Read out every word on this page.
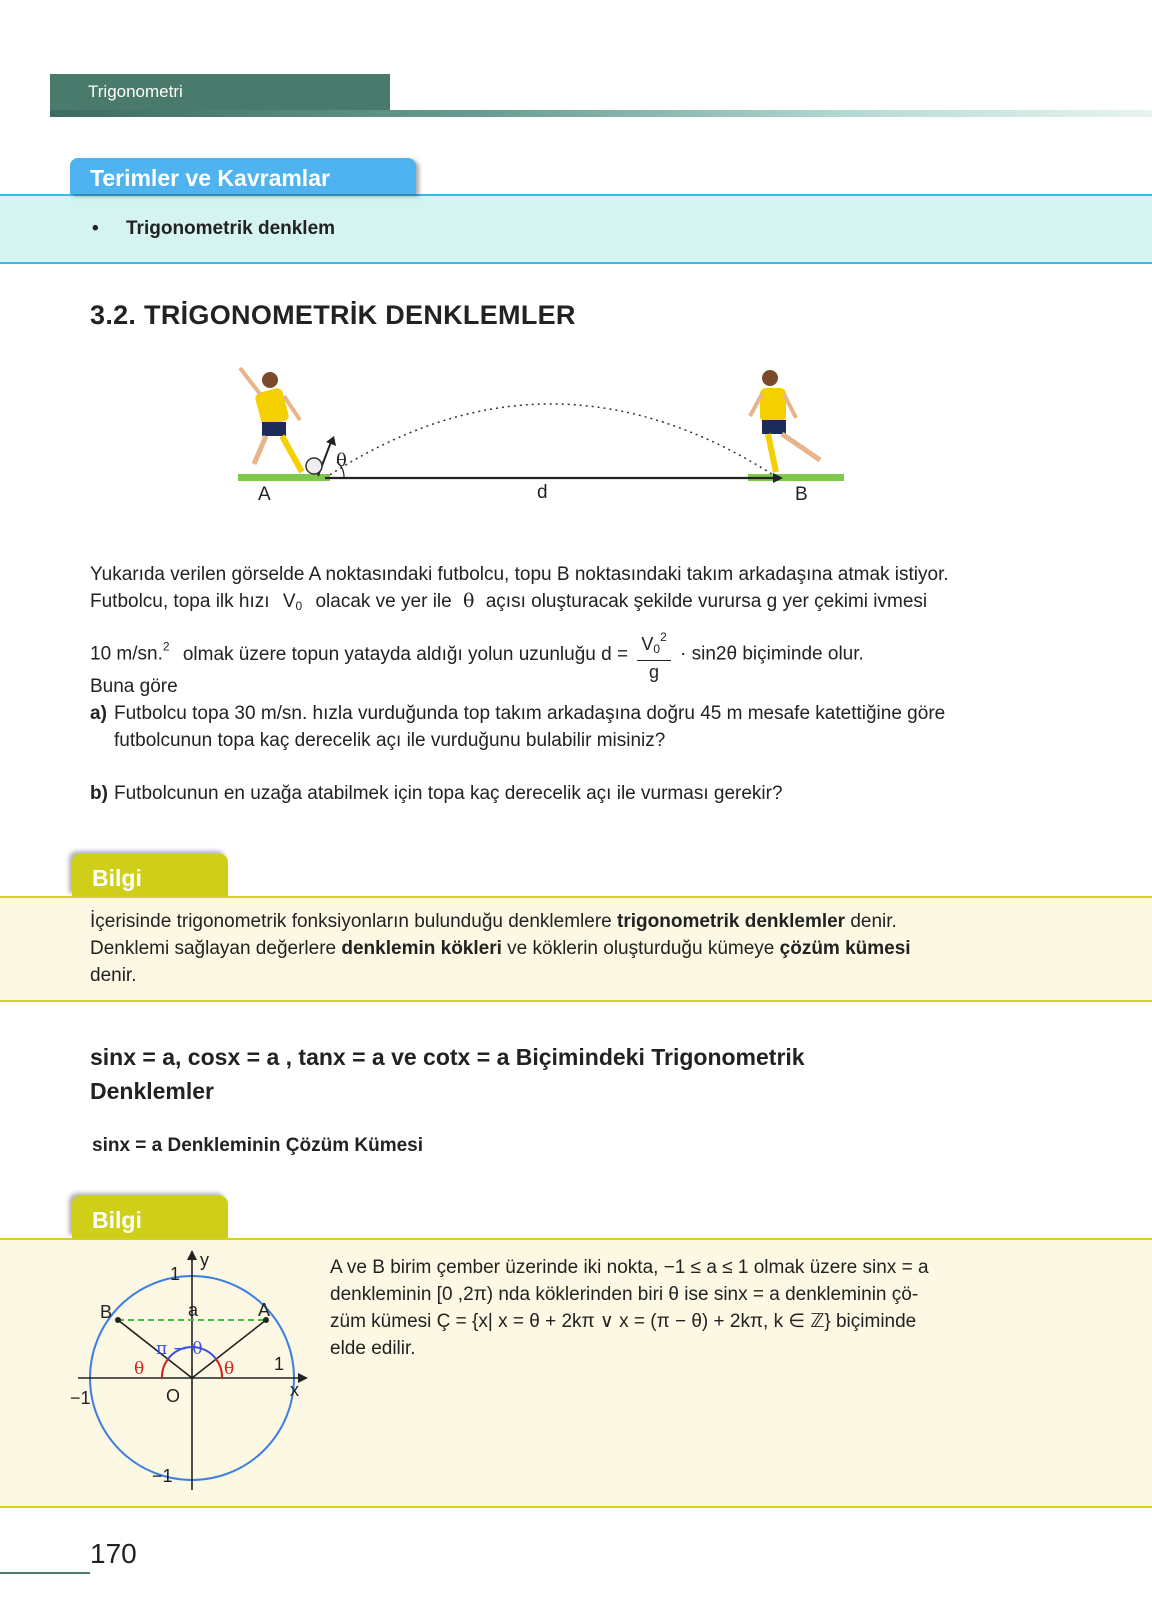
Trigonometri
Terimler ve Kavramlar
• Trigonometrik denklem
3.2. TRİGONOMETRİK DENKLEMLER
θ
A	d	B
Yukarıda verilen görselde A noktasındaki futbolcu, topu B noktasındaki takım arkadaşına atmak istiyor.
Futbolcu, topa ilk hızı $V_0$ olacak ve yer ile θ açısı oluşturacak şekilde vurursa g yer çekimi ivmesi
10 m/sn.$^2$ olmak üzere topun yatayda aldığı yolun uzunluğu $d = \frac{V_0^2}{g} \cdot \sin 2\theta$ biçiminde olur.
Buna göre
a) Futbolcu topa 30 m/sn. hızla vurduğunda top takım arkadaşına doğru 45 m mesafe katettiğine göre
futbolcunun topa kaç derecelik açı ile vurduğunu bulabilir misiniz?
b) Futbolcunun en uzağa atabilmek için topa kaç derecelik açı ile vurması gerekir?
Bilgi
İçerisinde trigonometrik fonksiyonların bulunduğu denklemlere trigonometrik denklemler denir.
Denklemi sağlayan değerlere denklemin kökleri ve köklerin oluşturduğu kümeye çözüm kümesi
denir.
sinx = a, cosx = a , tanx = a ve cotx = a Biçimindeki Trigonometrik
Denklemler
sinx = a Denkleminin Çözüm Kümesi
Bilgi
y
x
1
1
−1
−1
O
a
B	A
π − θ
θ	θ
A ve B birim çember üzerinde iki nokta, −1 ≤ a ≤ 1 olmak üzere sinx = a
denkleminin [0 ,2π) nda köklerinden biri θ ise sinx = a denkleminin çö-
züm kümesi Ç = {x| x = θ + 2kπ ∨ x = (π − θ) + 2kπ, k ∈ ℤ} biçiminde
elde edilir.
170
